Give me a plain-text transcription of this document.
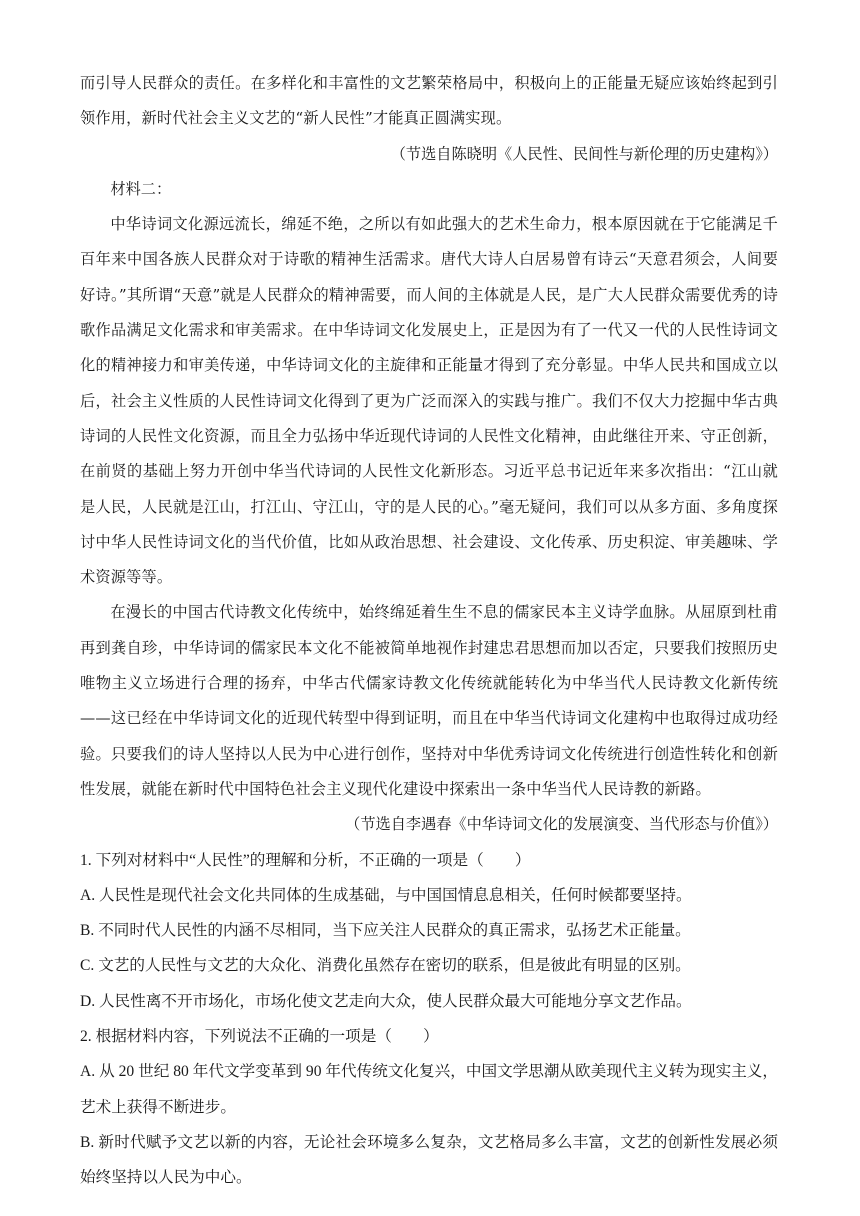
而引导人民群众的责任。在多样化和丰富性的文艺繁荣格局中，积极向上的正能量无疑应该始终起到引领作用，新时代社会主义文艺的“新人民性”才能真正圆满实现。

（节选自陈晓明《人民性、民间性与新伦理的历史建构》）

材料二：

中华诗词文化源远流长，绵延不绝，之所以有如此强大的艺术生命力，根本原因就在于它能满足千百年来中国各族人民群众对于诗歌的精神生活需求。唐代大诗人白居易曾有诗云“天意君须会，人间要好诗。”其所谓“天意”就是人民群众的精神需要，而人间的主体就是人民，是广大人民群众需要优秀的诗歌作品满足文化需求和审美需求。在中华诗词文化发展史上，正是因为有了一代又一代的人民性诗词文化的精神接力和审美传递，中华诗词文化的主旋律和正能量才得到了充分彰显。中华人民共和国成立以后，社会主义性质的人民性诗词文化得到了更为广泛而深入的实践与推广。我们不仅大力挖掘中华古典诗词的人民性文化资源，而且全力弘扬中华近现代诗词的人民性文化精神，由此继往开来、守正创新，在前贤的基础上努力开创中华当代诗词的人民性文化新形态。习近平总书记近年来多次指出：“江山就是人民，人民就是江山，打江山、守江山，守的是人民的心。”毫无疑问，我们可以从多方面、多角度探讨中华人民性诗词文化的当代价值，比如从政治思想、社会建设、文化传承、历史积淀、审美趣味、学术资源等等。

在漫长的中国古代诗教文化传统中，始终绵延着生生不息的儒家民本主义诗学血脉。从屈原到杜甫再到龚自珍，中华诗词的儒家民本文化不能被简单地视作封建忠君思想而加以否定，只要我们按照历史唯物主义立场进行合理的扬弃，中华古代儒家诗教文化传统就能转化为中华当代人民诗教文化新传统——这已经在中华诗词文化的近现代转型中得到证明，而且在中华当代诗词文化建构中也取得过成功经验。只要我们的诗人坚持以人民为中心进行创作，坚持对中华优秀诗词文化传统进行创造性转化和创新性发展，就能在新时代中国特色社会主义现代化建设中探索出一条中华当代人民诗教的新路。

（节选自李遇春《中华诗词文化的发展演变、当代形态与价值》）

1. 下列对材料中“人民性”的理解和分析，不正确的一项是（　　）

A. 人民性是现代社会文化共同体的生成基础，与中国国情息息相关，任何时候都要坚持。

B. 不同时代人民性的内涵不尽相同，当下应关注人民群众的真正需求，弘扬艺术正能量。

C. 文艺的人民性与文艺的大众化、消费化虽然存在密切的联系，但是彼此有明显的区别。

D. 人民性离不开市场化，市场化使文艺走向大众，使人民群众最大可能地分享文艺作品。

2. 根据材料内容，下列说法不正确的一项是（　　）

A. 从 20 世纪 80 年代文学变革到 90 年代传统文化复兴，中国文学思潮从欧美现代主义转为现实主义，艺术上获得不断进步。

B. 新时代赋予文艺以新的内容，无论社会环境多么复杂，文艺格局多么丰富，文艺的创新性发展必须始终坚持以人民为中心。
